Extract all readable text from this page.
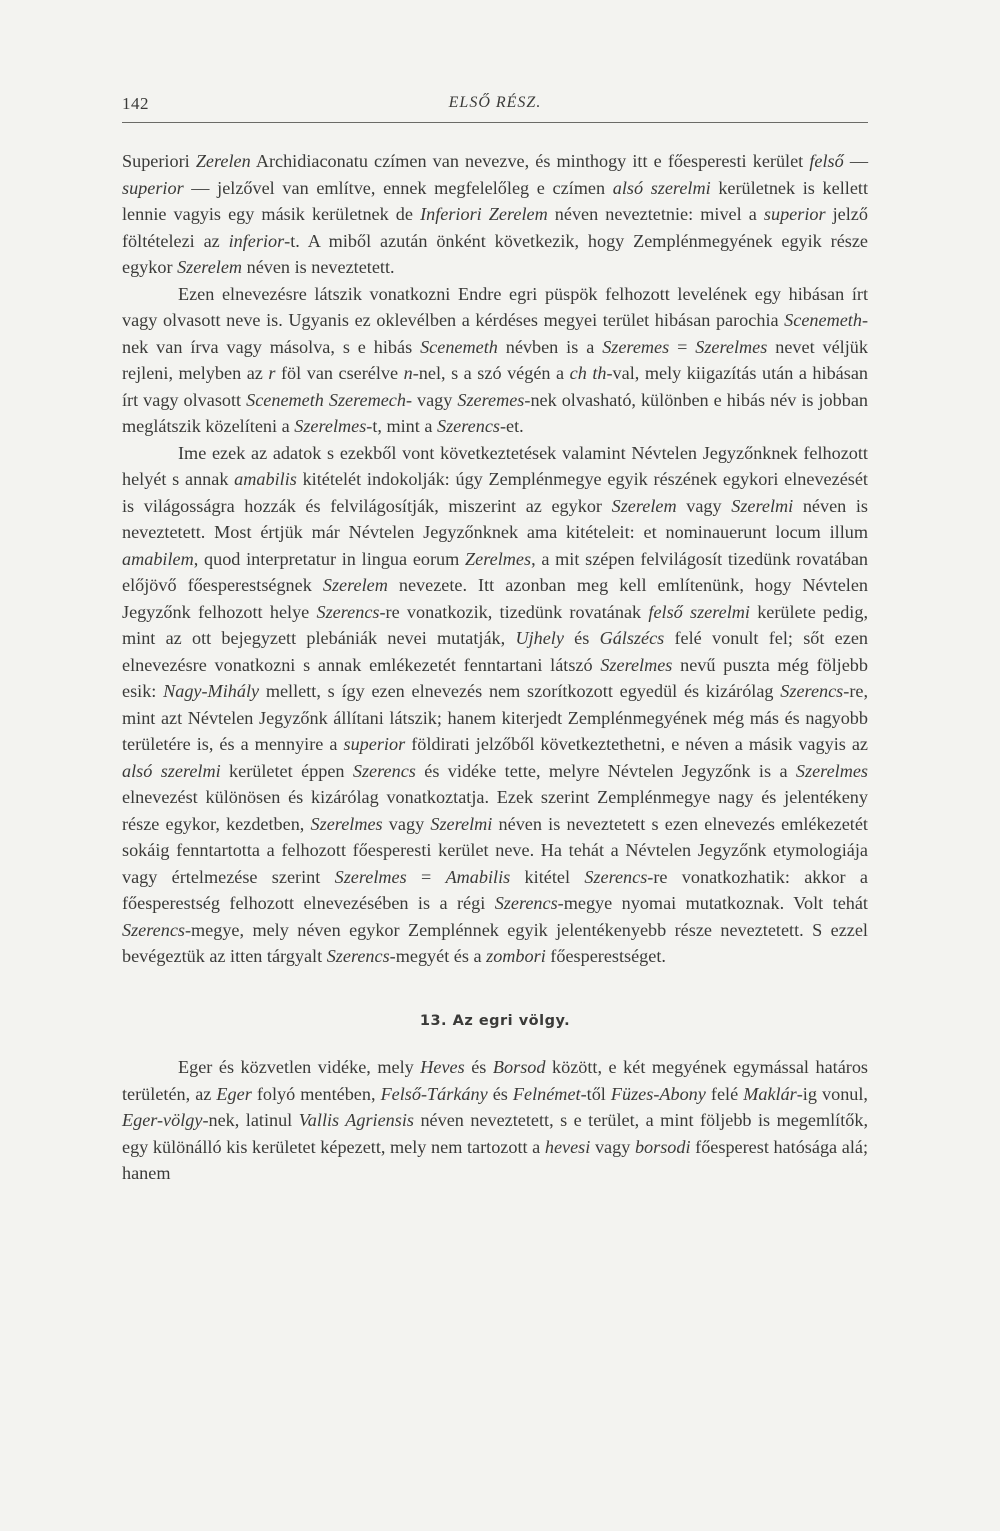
142	ELSŐ RÉSZ.

Superiori Zerelen Archidiaconatu czímen van nevezve, és minthogy itt e főesperesti kerület felső — superior — jelzővel van említve, ennek megfelelőleg e czímen alsó szerelmi kerületnek is kellett lennie vagyis egy másik kerületnek de Inferiori Zerelem néven neveztetnie: mivel a superior jelző föltételezi az inferior-t. A miből azután önként következik, hogy Zemplénmegyének egyik része egykor Szerelem néven is neveztetett.

Ezen elnevezésre látszik vonatkozni Endre egri püspök felhozott levelének egy hibásan írt vagy olvasott neve is. Ugyanis ez oklevélben a kérdéses megyei terület hibásan parochia Scenemeth-nek van írva vagy másolva, s e hibás Scenemeth névben is a Szeremes = Szerelmes nevet véljük rejleni, melyben az r föl van cserélve n-nel, s a szó végén a ch th-val, mely kiigazítás után a hibásan írt vagy olvasott Scenemeth Szeremech- vagy Szeremes-nek olvasható, különben e hibás név is jobban meglátszik közelíteni a Szerelmes-t, mint a Szerencs-et.

Ime ezek az adatok s ezekből vont következtetések valamint Névtelen Jegyzőnknek felhozott helyét s annak amabilis kitételét indokolják: úgy Zemplénmegye egyik részének egykori elnevezését is világosságra hozzák és felvilágosítják, miszerint az egykor Szerelem vagy Szerelmi néven is neveztetett. Most értjük már Névtelen Jegyzőnknek ama kitételeit: et nominauerunt locum illum amabilem, quod interpretatur in lingua eorum Zerelmes, a mit szépen felvilágosít tizedünk rovatában előjövő főesperestségnek Szerelem nevezete. Itt azonban meg kell említenünk, hogy Névtelen Jegyzőnk felhozott helye Szerencs-re vonatkozik, tizedünk rovatának felső szerelmi kerülete pedig, mint az ott bejegyzett plebániák nevei mutatják, Ujhely és Gálszécs felé vonult fel; sőt ezen elnevezésre vonatkozni s annak emlékezetét fenntartani látszó Szerelmes nevű puszta még följebb esik: Nagy-Mihály mellett, s így ezen elnevezés nem szorítkozott egyedül és kizárólag Szerencs-re, mint azt Névtelen Jegyzőnk állítani látszik; hanem kiterjedt Zemplénmegyének még más és nagyobb területére is, és a mennyire a superior földirati jelzőből következtethetni, e néven a másik vagyis az alsó szerelmi kerületet éppen Szerencs és vidéke tette, melyre Névtelen Jegyzőnk is a Szerelmes elnevezést különösen és kizárólag vonatkoztatja. Ezek szerint Zemplénmegye nagy és jelentékeny része egykor, kezdetben, Szerelmes vagy Szerelmi néven is neveztetett s ezen elnevezés emlékezetét sokáig fenntartotta a felhozott főesperesti kerület neve. Ha tehát a Névtelen Jegyzőnk etymologiája vagy értelmezése szerint Szerelmes = Amabilis kitétel Szerencs-re vonatkozhatik: akkor a főesperestség felhozott elnevezésében is a régi Szerencs-megye nyomai mutatkoznak. Volt tehát Szerencs-megye, mely néven egykor Zemplénnek egyik jelentékenyebb része neveztetett. S ezzel bevégeztük az itten tárgyalt Szerencs-megyét és a zombori főesperestséget.

13. Az egri völgy.

Eger és közvetlen vidéke, mely Heves és Borsod között, e két megyének egymással határos területén, az Eger folyó mentében, Felső-Tárkány és Felnémet-től Füzes-Abony felé Maklár-ig vonul, Eger-völgy-nek, latinul Vallis Agriensis néven neveztetett, s e terület, a mint följebb is megemlítők, egy különálló kis kerületet képezett, mely nem tartozott a hevesi vagy borsodi főesperest hatósága alá; hanem
